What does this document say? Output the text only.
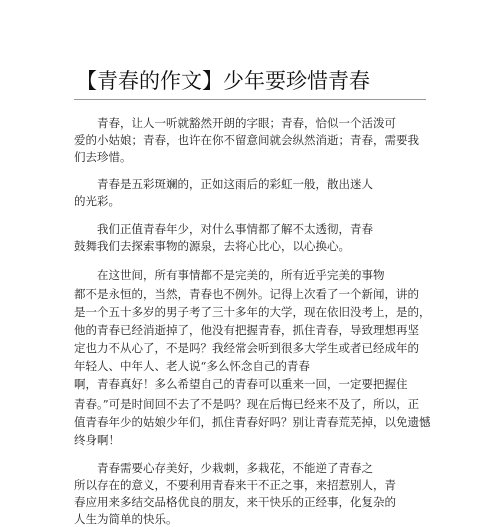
【青春的作文】少年要珍惜青春
　　青春，让人一听就豁然开朗的字眼；青春，恰似一个活泼可
爱的小姑娘；青春，也许在你不留意间就会纵然消逝；青春，需要我
们去珍惜。
　　青春是五彩斑斓的，正如这雨后的彩虹一般，散出迷人
的光彩。
　　我们正值青春年少，对什么事情都了解不太透彻，青春
鼓舞我们去探索事物的源泉，去将心比心，以心换心。
　　在这世间，所有事情都不是完美的，所有近乎完美的事物
都不是永恒的，当然，青春也不例外。记得上次看了一个新闻，讲的
是一个五十多岁的男子考了三十多年的大学，现在依旧没考上，是的，
他的青春已经消逝掉了，他没有把握青春，抓住青春，导致理想再坚
定也力不从心了，不是吗？我经常会听到很多大学生或者已经成年的
年轻人、中年人、老人说“多么怀念自己的青春
啊，青春真好！多么希望自己的青春可以重来一回，一定要把握住
青春。”可是时间回不去了不是吗？现在后悔已经来不及了，所以，正
值青春年少的姑娘少年们，抓住青春好吗？别让青春荒芜掉，以免遗憾
终身啊！
　　青春需要心存美好，少栽刺，多栽花，不能逆了青春之
所以存在的意义，不要利用青春来干不正之事，来招惹别人，青
春应用来多结交品格优良的朋友，来干快乐的正经事，化复杂的
人生为简单的快乐。
